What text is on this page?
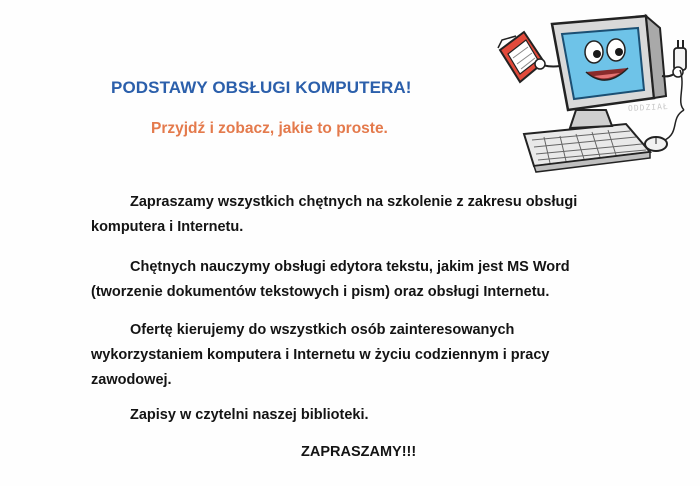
PODSTAWY OBSŁUGI KOMPUTERA!
Przyjdź i zobacz, jakie to proste.

Zapraszamy wszystkich chętnych na szkolenie z zakresu obsługi
komputera i Internetu.

Chętnych nauczymy obsługi edytora tekstu, jakim jest MS Word
(tworzenie dokumentów tekstowych i pism) oraz obsługi Internetu.

Ofertę kierujemy do wszystkich osób zainteresowanych
wykorzystaniem komputera i Internetu w życiu codziennym i pracy
zawodowej.

Zapisy w czytelni naszej biblioteki.

ZAPRASZAMY!!!

ODDZIAŁ
